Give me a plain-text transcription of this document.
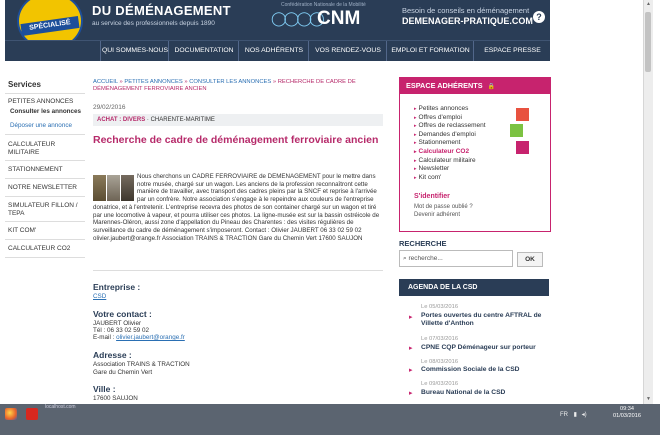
SPÉCIALISÉ
DU DÉMÉNAGEMENT
au service des professionnels depuis 1890
Confédération Nationale de la Mobilité
◯◯◯◯
CNM	Besoin de conseils en déménagement
DEMENAGER-PRATIQUE.COM ?
QUI SOMMES-NOUS DOCUMENTATION	NOS ADHÉRENTS	VOS RENDEZ-VOUS	EMPLOI ET FORMATION	ESPACE PRESSE
Services
PETITES ANNONCES
Consulter les annonces
Déposer une annonce
CALCULATEUR MILITAIRE
STATIONNEMENT
NOTRE NEWSLETTER
SIMULATEUR FILLON / TEPA
KIT COM'
CALCULATEUR CO2
ACCUEIL » PETITES ANNONCES » CONSULTER LES ANNONCES » RECHERCHE DE CADRE DE DÉMÉNAGEMENT FERROVIAIRE ANCIEN
29/02/2016
ACHAT : DIVERS · CHARENTE-MARITIME
Recherche de cadre de déménagement ferroviaire ancien
Nous cherchons un CADRE FERROVIAIRE de DEMENAGEMENT pour le mettre dans notre musée, chargé sur un wagon. Les anciens de la profession reconnaîtront cette manière de travailler, avec transport des cadres pleins par la SNCF et reprise à l'arrivée par un confrère. Notre association s'engage à le repeindre aux couleurs de l'entreprise donatrice, et à l'entretenir. L'entreprise recevra des photos de son container chargé sur un wagon et tiré par une locomotive à vapeur, et pourra utiliser ces photos. La ligne-musée est sur la bassin ostréicole de Marennes-Oléron, aussi zone d'appellation du Pineau des Charentes : des visites régulières de surveillance du cadre de déménagement s'imposeront. Contact : Olivier JAUBERT 06 33 02 59 02 olivier.jaubert@orange.fr Association TRAINS & TRACTION Gare du Chemin Vert 17600 SAUJON
Entreprise :
CSD
Votre contact :
JAUBERT Olivier
Tél : 06 33 02 59 02
E-mail : olivier.jaubert@orange.fr
Adresse :
Association TRAINS & TRACTION
Gare du Chemin Vert
Ville :
17600 SAUJON
ESPACE ADHÉRENTS 🔒
▸ Petites annonces
▸ Offres d'emploi
▸ Offres de reclassement
▸ Demandes d'emploi
▸ Stationnement
▸ Calculateur CO2
▸ Calculateur militaire
▸ Newsletter
▸ Kit com'
S'identifier
Mot de passe oublié ?
Devenir adhérent
RECHERCHE
⌕ recherche...	OK
AGENDA DE LA CSD
Le 05/03/2016
▸ Portes ouvertes du centre AFTRAL de Villette d'Anthon
Le 07/03/2016
▸ CPNE CQP Déménageur sur porteur
Le 08/03/2016
▸ Commission Sociale de la CSD
Le 09/03/2016
▸ Bureau National de la CSD
▲
▼
localhost.com
FR ▮ ◂)
09:34
01/03/2016
